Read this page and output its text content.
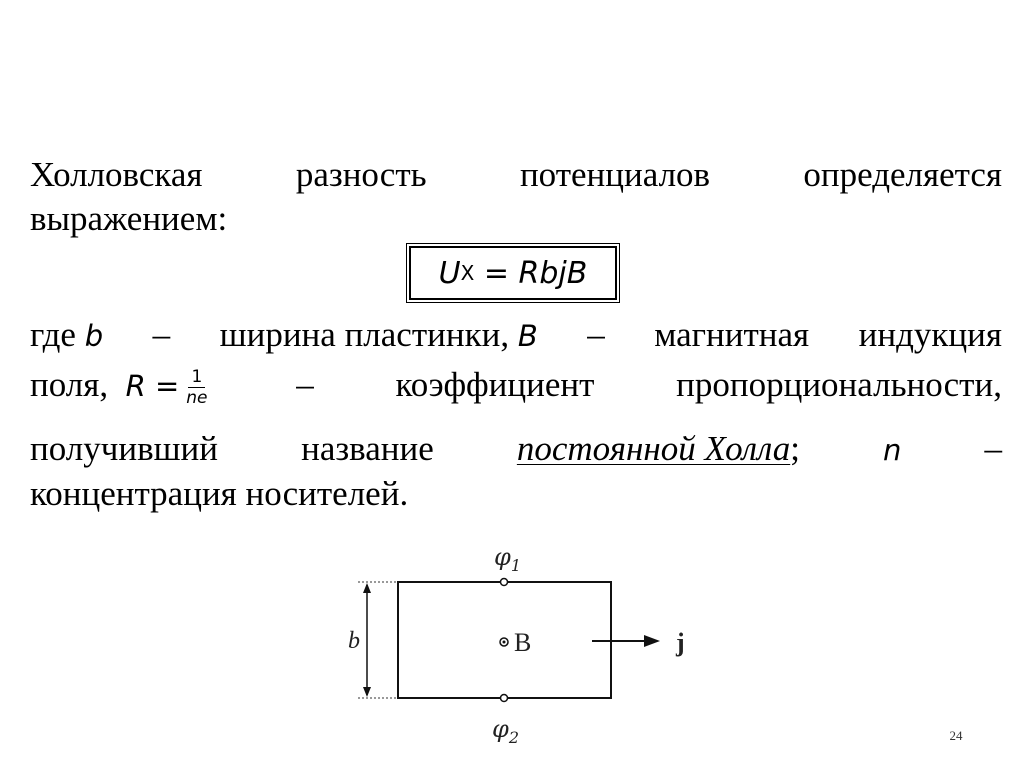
Холловская	разность	потенциалов	определяется
выражением:
U Х
= RbjB
где b – ширина пластинки, B – магнитная индукция
поля, $R = \frac{1}{ne}$ – коэффициент пропорциональности,
получивший название постоянной Холла;	n –
концентрация носителей.
b
$\varphi_1$
$\varphi_2$
B	j
24
